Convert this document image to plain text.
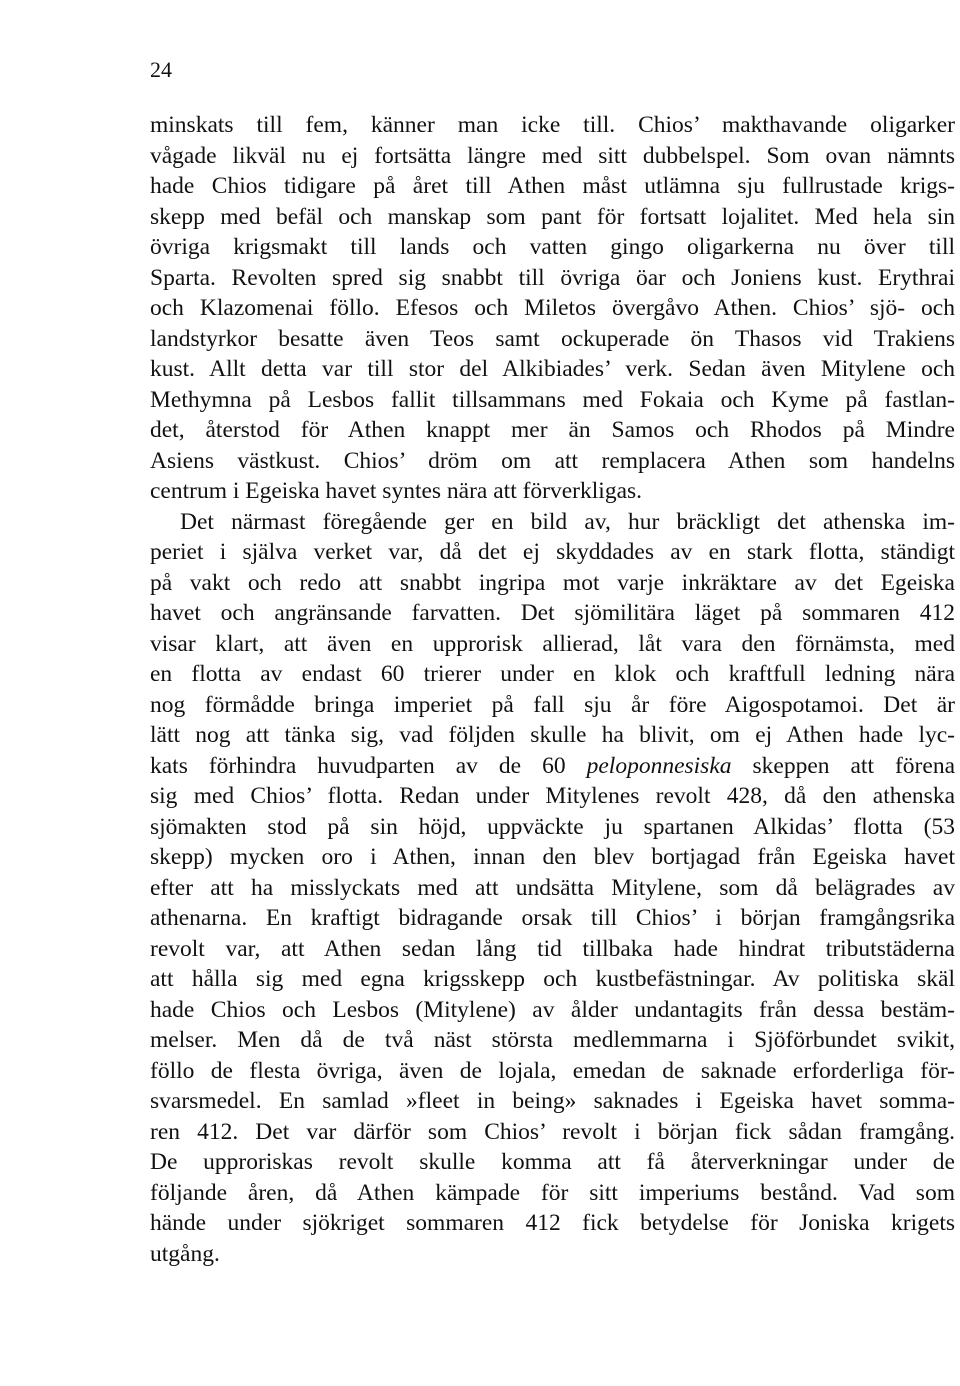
24
minskats till fem, känner man icke till. Chios’ makthavande oligarker
vågade likväl nu ej fortsätta längre med sitt dubbelspel. Som ovan nämnts
hade Chios tidigare på året till Athen måst utlämna sju fullrustade krigs-
skepp med befäl och manskap som pant för fortsatt lojalitet. Med hela sin
övriga krigsmakt till lands och vatten gingo oligarkerna nu över till
Sparta. Revolten spred sig snabbt till övriga öar och Joniens kust. Erythrai
och Klazomenai föllo. Efesos och Miletos övergåvo Athen. Chios’ sjö- och
landstyrkor besatte även Teos samt ockuperade ön Thasos vid Trakiens
kust. Allt detta var till stor del Alkibiades’ verk. Sedan även Mitylene och
Methymna på Lesbos fallit tillsammans med Fokaia och Kyme på fastlan-
det, återstod för Athen knappt mer än Samos och Rhodos på Mindre
Asiens västkust. Chios’ dröm om att remplacera Athen som handelns
centrum i Egeiska havet syntes nära att förverkligas.
Det närmast föregående ger en bild av, hur bräckligt det athenska im-
periet i själva verket var, då det ej skyddades av en stark flotta, ständigt
på vakt och redo att snabbt ingripa mot varje inkräktare av det Egeiska
havet och angränsande farvatten. Det sjömilitära läget på sommaren 412
visar klart, att även en upprorisk allierad, låt vara den förnämsta, med
en flotta av endast 60 trierer under en klok och kraftfull ledning nära
nog förmådde bringa imperiet på fall sju år före Aigospotamoi. Det är
lätt nog att tänka sig, vad följden skulle ha blivit, om ej Athen hade lyc-
kats förhindra huvudparten av de 60 peloponnesiska skeppen att förena
sig med Chios’ flotta. Redan under Mitylenes revolt 428, då den athenska
sjömakten stod på sin höjd, uppväckte ju spartanen Alkidas’ flotta (53
skepp) mycken oro i Athen, innan den blev bortjagad från Egeiska havet
efter att ha misslyckats med att undsätta Mitylene, som då belägrades av
athenarna. En kraftigt bidragande orsak till Chios’ i början framgångsrika
revolt var, att Athen sedan lång tid tillbaka hade hindrat tributstäderna
att hålla sig med egna krigsskepp och kustbefästningar. Av politiska skäl
hade Chios och Lesbos (Mitylene) av ålder undantagits från dessa bestäm-
melser. Men då de två näst största medlemmarna i Sjöförbundet svikit,
föllo de flesta övriga, även de lojala, emedan de saknade erforderliga för-
svarsmedel. En samlad »fleet in being» saknades i Egeiska havet somma-
ren 412. Det var därför som Chios’ revolt i början fick sådan framgång.
De upproriskas revolt skulle komma att få återverkningar under de
följande åren, då Athen kämpade för sitt imperiums bestånd. Vad som
hände under sjökriget sommaren 412 fick betydelse för Joniska krigets
utgång.
